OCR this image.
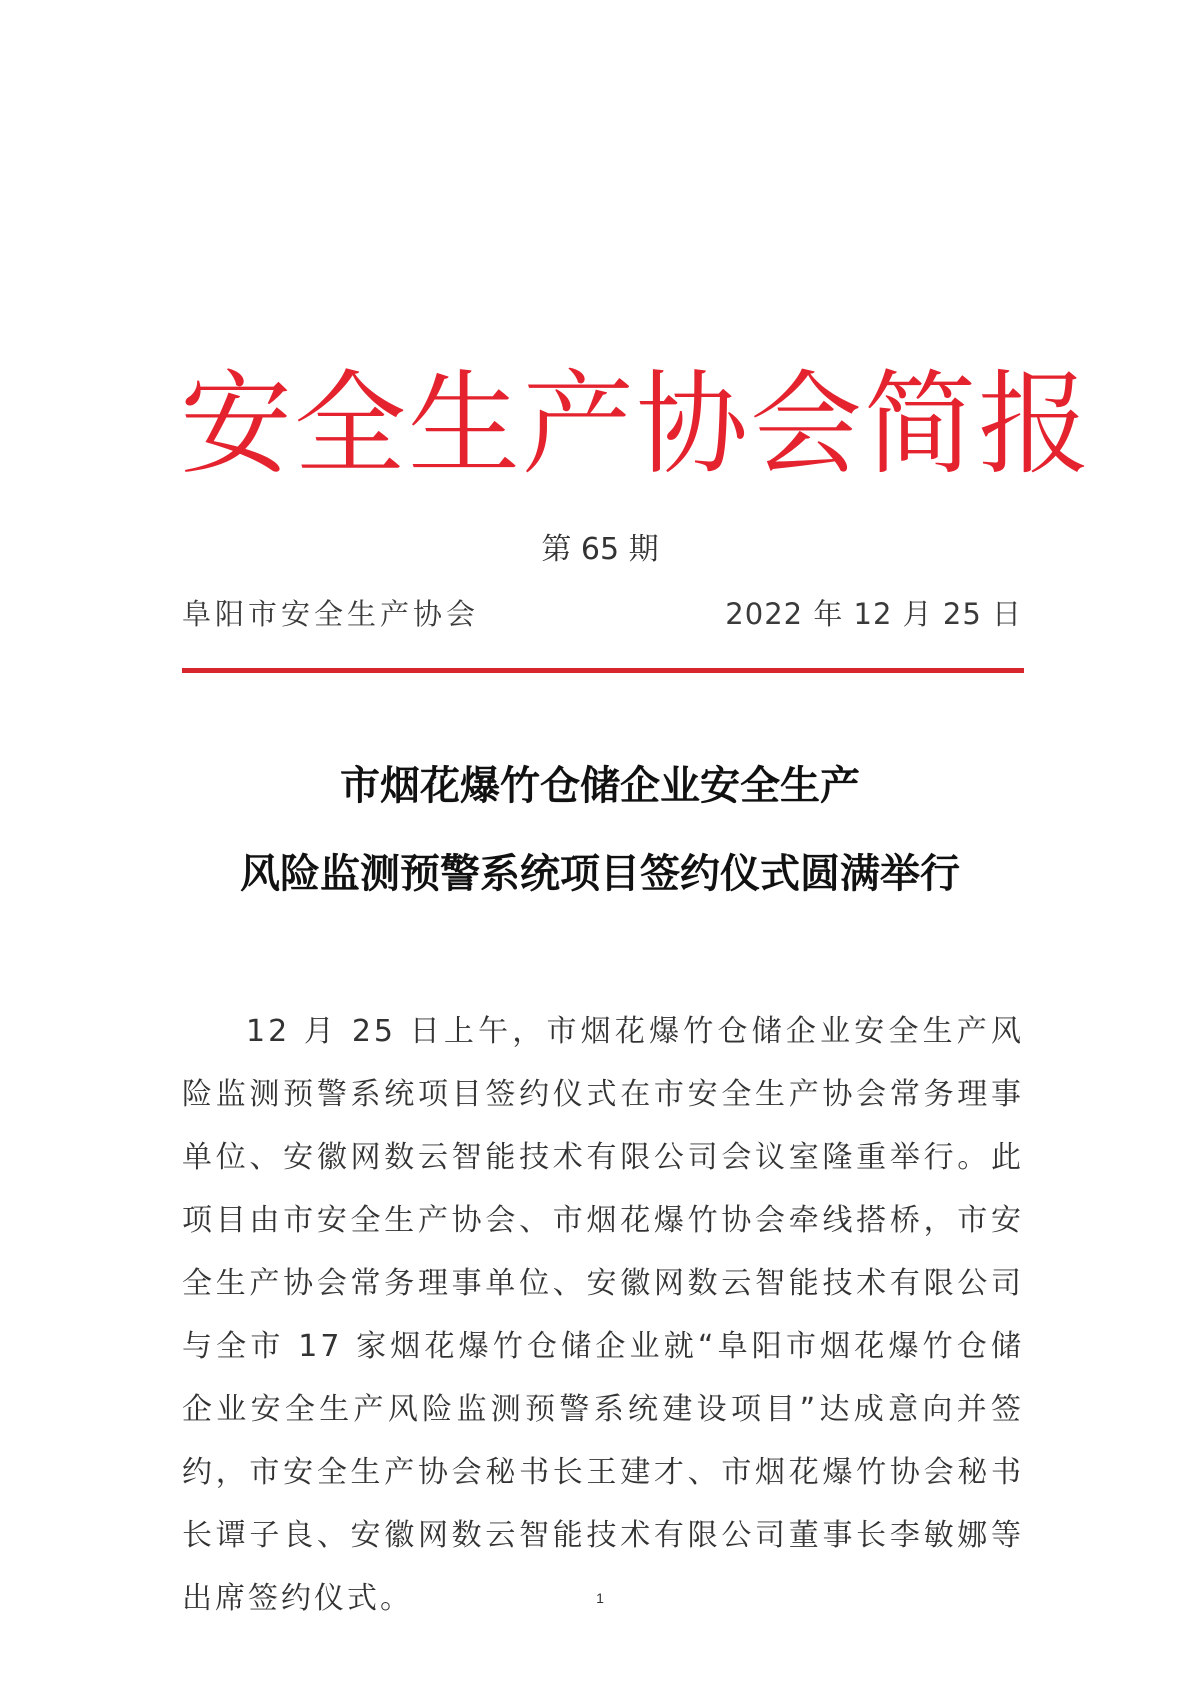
安全生产协会简报
第 65 期
阜阳市安全生产协会	2022 年 12 月 25 日
市烟花爆竹仓储企业安全生产
风险监测预警系统项目签约仪式圆满举行
12 月 25 日上午，市烟花爆竹仓储企业安全生产风险监测预警系统项目签约仪式在市安全生产协会常务理事单位、安徽网数云智能技术有限公司会议室隆重举行。此项目由市安全生产协会、市烟花爆竹协会牵线搭桥，市安全生产协会常务理事单位、安徽网数云智能技术有限公司与全市 17 家烟花爆竹仓储企业就“阜阳市烟花爆竹仓储企业安全生产风险监测预警系统建设项目”达成意向并签约，市安全生产协会秘书长王建才、市烟花爆竹协会秘书长谭子良、安徽网数云智能技术有限公司董事长李敏娜等出席签约仪式。	1
